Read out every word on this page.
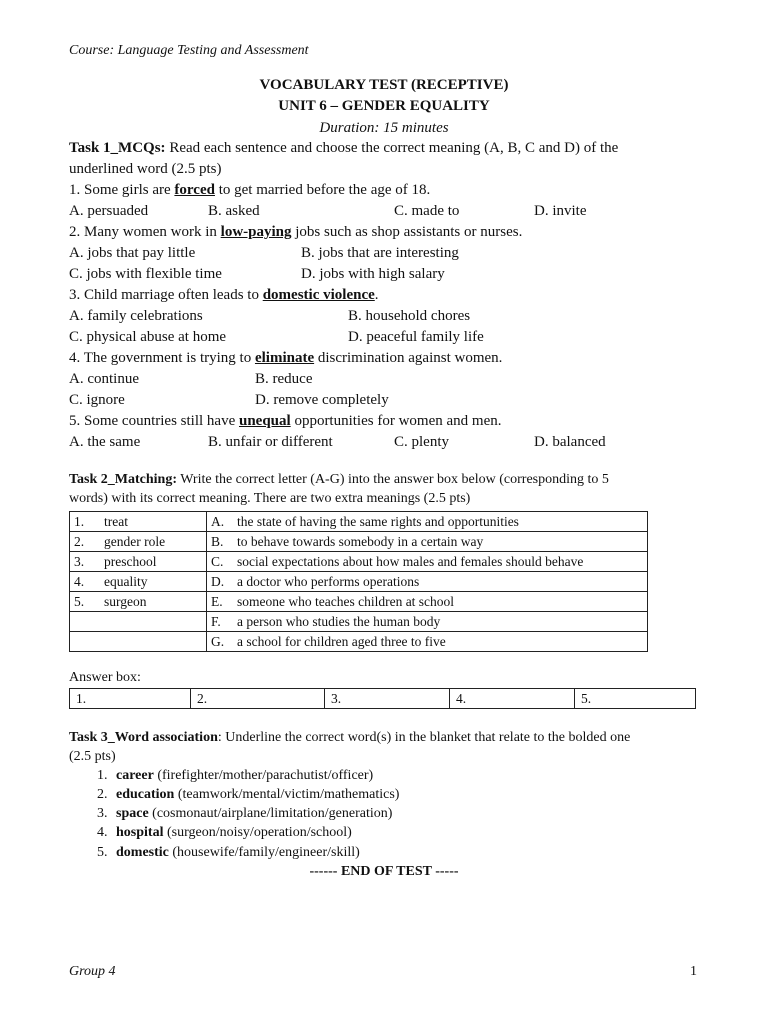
Course: Language Testing and Assessment
VOCABULARY TEST (RECEPTIVE)
UNIT 6 – GENDER EQUALITY
Duration: 15 minutes
Task 1_MCQs: Read each sentence and choose the correct meaning (A, B, C and D) of the
underlined word (2.5 pts)
1. Some girls are forced to get married before the age of 18.
A. persuaded	B. asked	C. made to	D. invite
2. Many women work in low-paying jobs such as shop assistants or nurses.
A. jobs that pay little	B. jobs that are interesting
C. jobs with flexible time	D. jobs with high salary
3. Child marriage often leads to domestic violence.
A. family celebrations	B. household chores
C. physical abuse at home	D. peaceful family life
4. The government is trying to eliminate discrimination against women.
A. continue	B. reduce
C. ignore	D. remove completely
5. Some countries still have unequal opportunities for women and men.
A. the same	B. unfair or different	C. plenty	D. balanced
Task 2_Matching: Write the correct letter (A-G) into the answer box below (corresponding to 5
words) with its correct meaning. There are two extra meanings (2.5 pts)
1. treat	A. the state of having the same rights and opportunities
2. gender role	B. to behave towards somebody in a certain way
3. preschool	C. social expectations about how males and females should behave
4. equality	D. a doctor who performs operations
5. surgeon	E. someone who teaches children at school
	F. a person who studies the human body
	G. a school for children aged three to five
Answer box:
1.	2.	3.	4.	5.
Task 3_Word association: Underline the correct word(s) in the blanket that relate to the bolded one
(2.5 pts)
1. career (firefighter/mother/parachutist/officer)
2. education (teamwork/mental/victim/mathematics)
3. space (cosmonaut/airplane/limitation/generation)
4. hospital (surgeon/noisy/operation/school)
5. domestic (housewife/family/engineer/skill)
------ END OF TEST -----
Group 4	1
